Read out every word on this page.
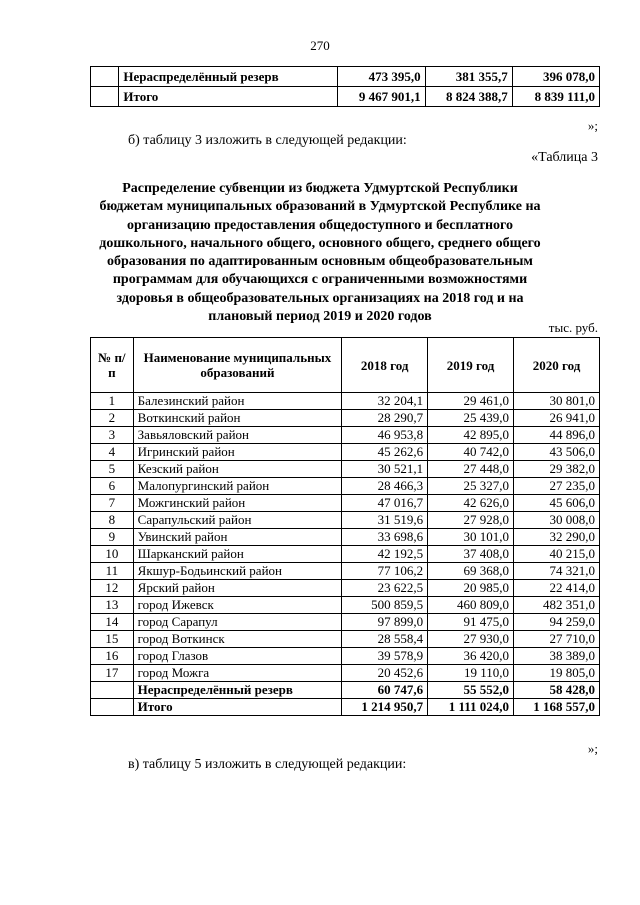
270
	Нераспределённый резерв	473 395,0	381 355,7	396 078,0
	Итого	9 467 901,1	8 824 388,7	8 839 111,0
»;
б) таблицу 3 изложить в следующей редакции:
«Таблица 3
Распределение субвенции из бюджета Удмуртской Республики
бюджетам муниципальных образований в Удмуртской Республике на
организацию предоставления общедоступного и бесплатного
дошкольного, начального общего, основного общего, среднего общего
образования по адаптированным основным общеобразовательным
программам для обучающихся с ограниченными возможностями
здоровья в общеобразовательных организациях на 2018 год и на
плановый период 2019 и 2020 годов
тыс. руб.
№ п/п	Наименование муниципальных образований	2018 год	2019 год	2020 год
1	Балезинский район	32 204,1	29 461,0	30 801,0
2	Воткинский район	28 290,7	25 439,0	26 941,0
3	Завьяловский район	46 953,8	42 895,0	44 896,0
4	Игринский район	45 262,6	40 742,0	43 506,0
5	Кезский район	30 521,1	27 448,0	29 382,0
6	Малопургинский район	28 466,3	25 327,0	27 235,0
7	Можгинский район	47 016,7	42 626,0	45 606,0
8	Сарапульский район	31 519,6	27 928,0	30 008,0
9	Увинский район	33 698,6	30 101,0	32 290,0
10	Шарканский район	42 192,5	37 408,0	40 215,0
11	Якшур-Бодьинский район	77 106,2	69 368,0	74 321,0
12	Ярский район	23 622,5	20 985,0	22 414,0
13	город Ижевск	500 859,5	460 809,0	482 351,0
14	город Сарапул	97 899,0	91 475,0	94 259,0
15	город Воткинск	28 558,4	27 930,0	27 710,0
16	город Глазов	39 578,9	36 420,0	38 389,0
17	город Можга	20 452,6	19 110,0	19 805,0
	Нераспределённый резерв	60 747,6	55 552,0	58 428,0
	Итого	1 214 950,7	1 111 024,0	1 168 557,0
»;
в) таблицу 5 изложить в следующей редакции:
